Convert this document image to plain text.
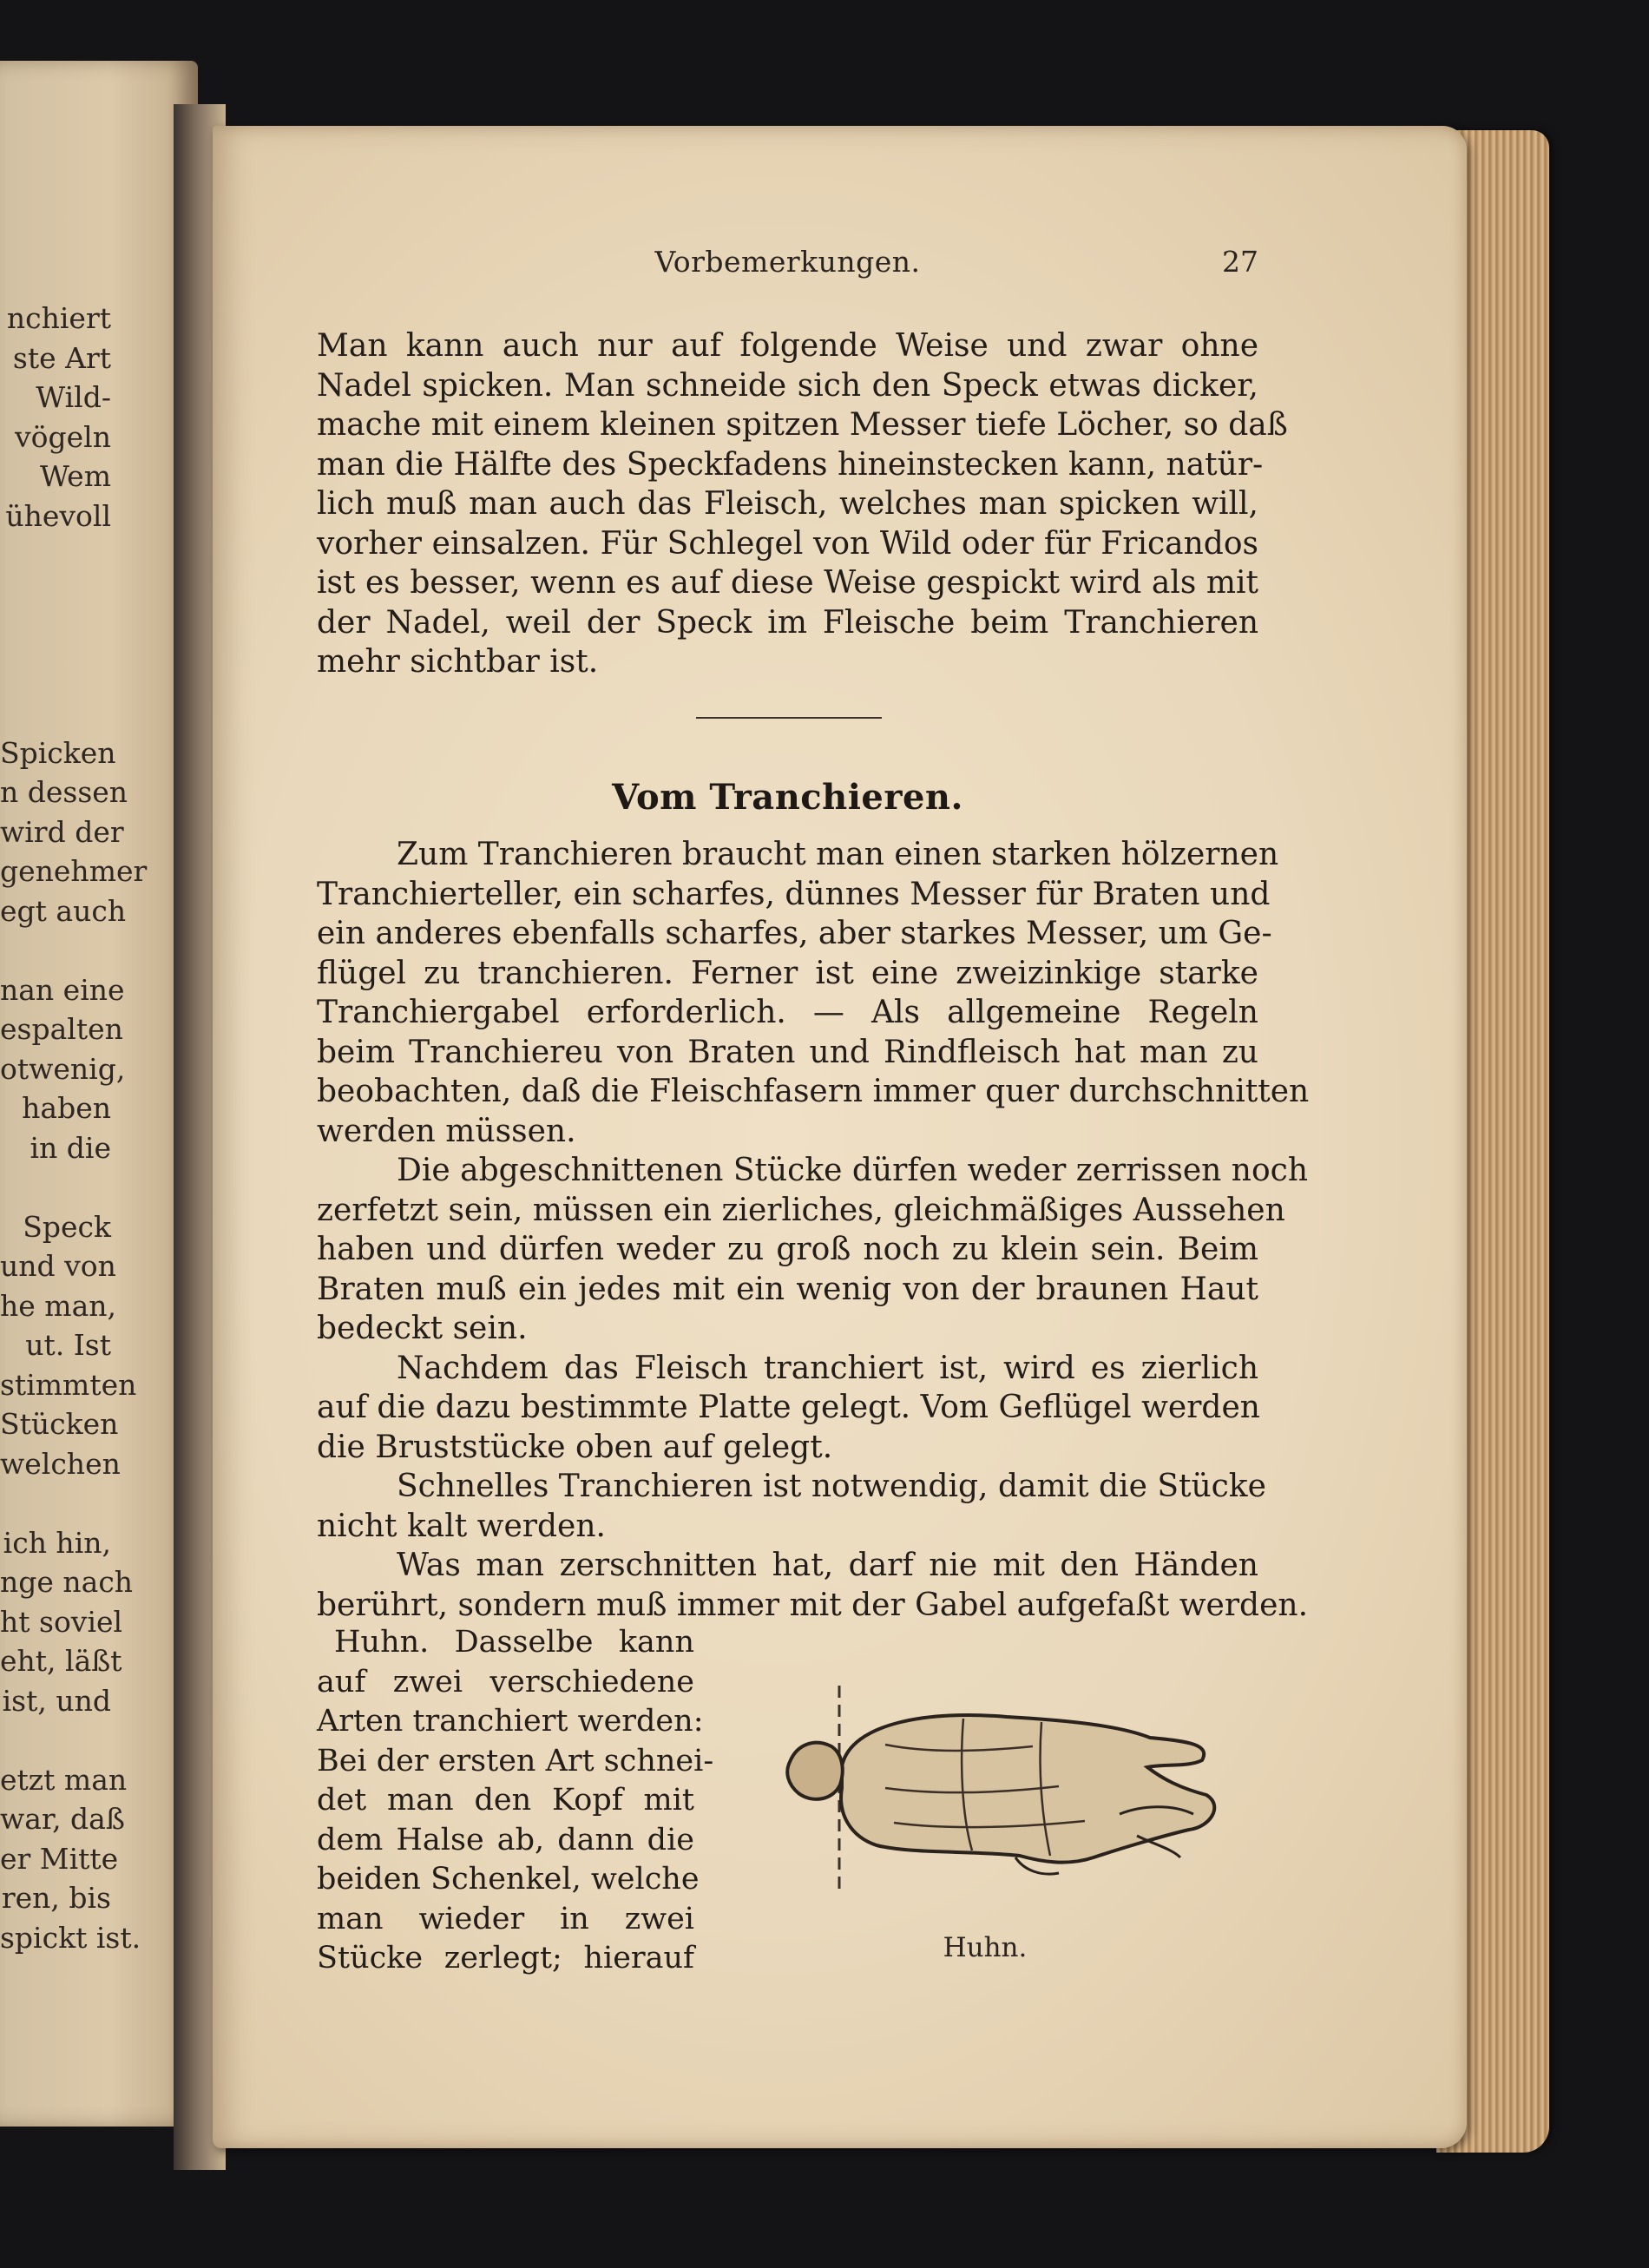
nchiert
ste Art
Wild-
vögeln
Wem
ühevoll
Spicken
n dessen
wird der
genehmer
egt auch
nan eine
espalten
otwenig,
haben
in die
Speck
und von
he man,
ut. Ist
stimmten
Stücken
welchen
ich hin,
nge nach
ht soviel
eht, läßt
ist, und
etzt man
war, daß
er Mitte
ren, bis
spickt ist.
Vorbemerkungen.	27
Man kann auch nur auf folgende Weise und zwar ohne
Nadel spicken. Man schneide sich den Speck etwas dicker,
mache mit einem kleinen spitzen Messer tiefe Löcher, so daß
man die Hälfte des Speckfadens hineinstecken kann, natür-
lich muß man auch das Fleisch, welches man spicken will,
vorher einsalzen. Für Schlegel von Wild oder für Fricandos
ist es besser, wenn es auf diese Weise gespickt wird als mit
der Nadel, weil der Speck im Fleische beim Tranchieren
mehr sichtbar ist.
Vom Tranchieren.
Zum Tranchieren braucht man einen starken hölzernen
Tranchierteller, ein scharfes, dünnes Messer für Braten und
ein anderes ebenfalls scharfes, aber starkes Messer, um Ge-
flügel zu tranchieren. Ferner ist eine zweizinkige starke
Tranchiergabel erforderlich. — Als allgemeine Regeln
beim Tranchiereu von Braten und Rindfleisch hat man zu
beobachten, daß die Fleischfasern immer quer durchschnitten
werden müssen.
Die abgeschnittenen Stücke dürfen weder zerrissen noch
zerfetzt sein, müssen ein zierliches, gleichmäßiges Aussehen
haben und dürfen weder zu groß noch zu klein sein. Beim
Braten muß ein jedes mit ein wenig von der braunen Haut
bedeckt sein.
Nachdem das Fleisch tranchiert ist, wird es zierlich
auf die dazu bestimmte Platte gelegt. Vom Geflügel werden
die Bruststücke oben auf gelegt.
Schnelles Tranchieren ist notwendig, damit die Stücke
nicht kalt werden.
Was man zerschnitten hat, darf nie mit den Händen
berührt, sondern muß immer mit der Gabel aufgefaßt werden.
Huhn. Dasselbe kann
auf zwei verschiedene
Arten tranchiert werden:
Bei der ersten Art schnei-
det man den Kopf mit
dem Halse ab, dann die
beiden Schenkel, welche
man wieder in zwei
Stücke zerlegt; hierauf	Huhn.
